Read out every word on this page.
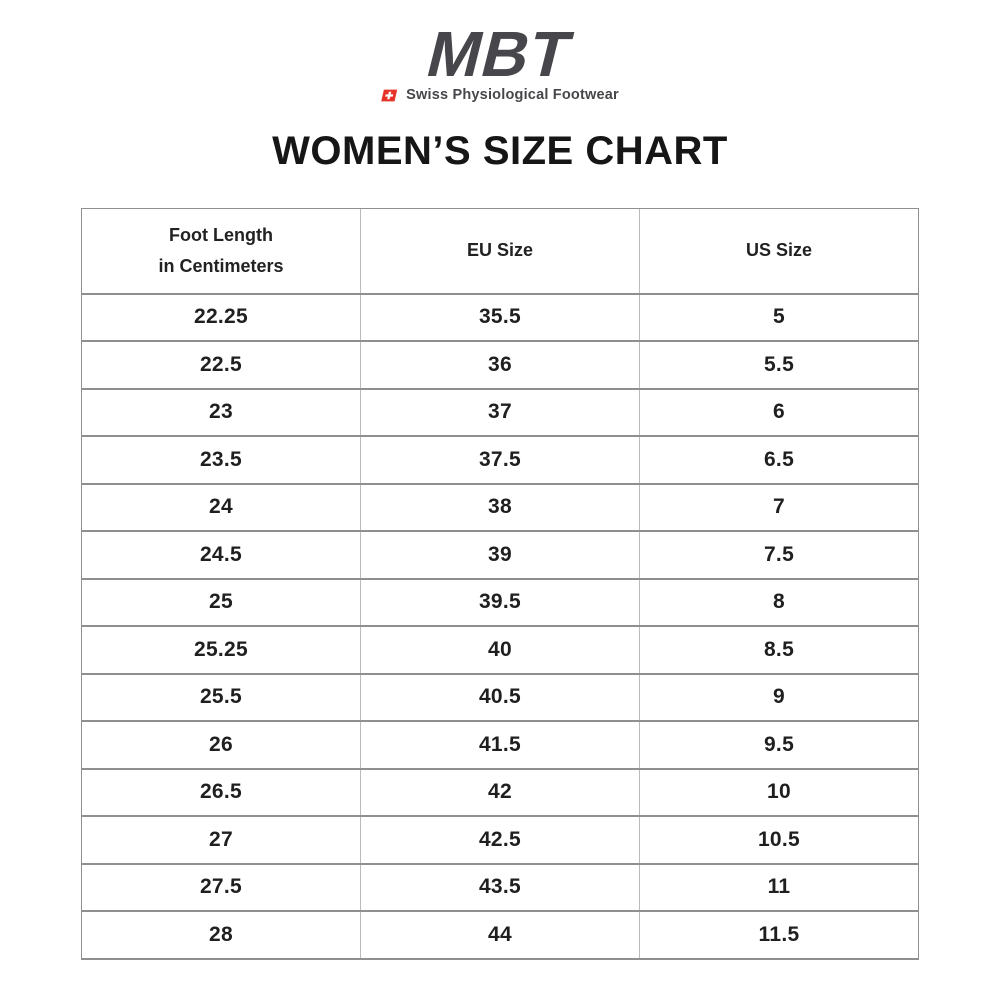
MBT
Swiss Physiological Footwear
WOMEN’S SIZE CHART
Foot Length
in Centimeters	EU Size	US Size
22.25	35.5	5
22.5	36	5.5
23	37	6
23.5	37.5	6.5
24	38	7
24.5	39	7.5
25	39.5	8
25.25	40	8.5
25.5	40.5	9
26	41.5	9.5
26.5	42	10
27	42.5	10.5
27.5	43.5	11
28	44	11.5
